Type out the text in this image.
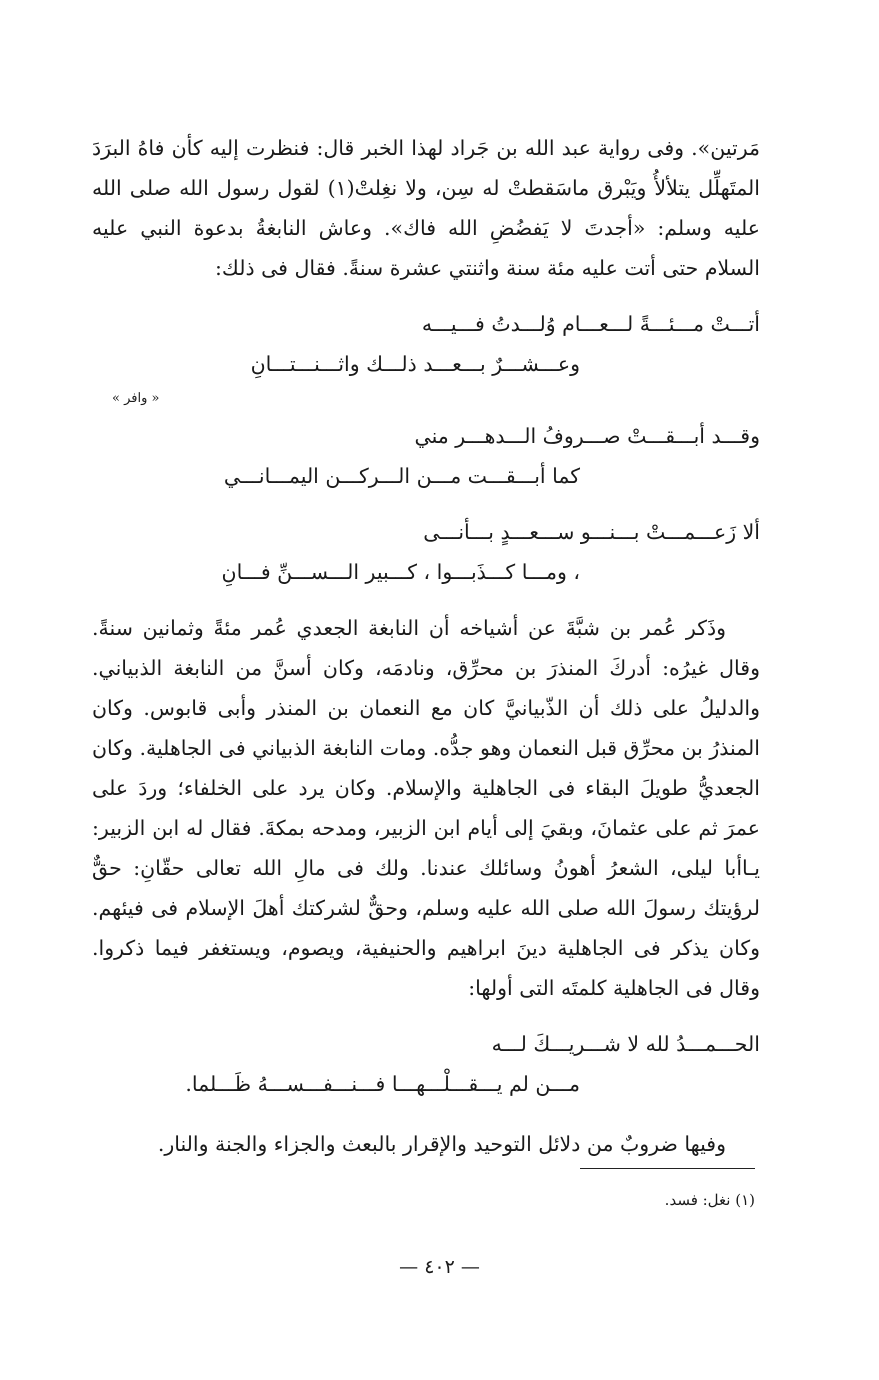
مَرتين». وفى رواية عبد الله بن جَراد لهذا الخبر قال: فنظرت إليه كأن فاهُ البرَدَ المتَهلِّل يتلألأُ ويَبْرق ماسَقطتْ له سِن، ولا نغِلتْ(١) لقول رسول الله صلى الله عليه وسلم: «أجدتَ لا يَفضُضِ الله فاك». وعاش النابغةُ بدعوة النبي عليه السلام حتى أتت عليه مئة سنة واثنتي عشرة سنةً. فقال فى ذلك:

أتـــتْ مـــئـــةً لـــعـــام وُلـــدتُ فـــيـــه
وعـــشـــرٌ بـــعـــد ذلـــك واثـــنـــتـــانِ
« وافر »
وقـــد أبـــقـــتْ صـــروفُ الـــدهـــر مني
كما أبـــقـــت مـــن الـــركـــن اليمـــانـــي
ألا زَعـــمـــتْ بـــنـــو ســـعـــدٍ بـــأنـــى
، ومـــا كـــذَبـــوا ، كـــبير الـــســـنِّ فـــانِ

وذَكر عُمر بن شبَّةَ عن أشياخه أن النابغة الجعدي عُمر مئةً وثمانين سنةً. وقال غيرُه: أدركَ المنذرَ بن محرِّق، ونادمَه، وكان أسنَّ من النابغة الذبياني. والدليلُ على ذلك أن الذّبيانيَّ كان مع النعمان بن المنذر وأبى قابوس. وكان المنذرُ بن محرِّق قبل النعمان وهو جدُّه. ومات النابغة الذبياني فى الجاهلية. وكان الجعديُّ طويلَ البقاء فى الجاهلية والإسلام. وكان يرد على الخلفاء؛ وردَ على عمرَ ثم على عثمانَ، وبقيَ إلى أيام ابن الزبير، ومدحه بمكةَ. فقال له ابن الزبير: يـاأبا ليلى، الشعرُ أهونُ وسائلك عندنا. ولك فى مالِ الله تعالى حقّانِ: حقٌّ لرؤيتك رسولَ الله صلى الله عليه وسلم، وحقٌّ لشركتك أهلَ الإسلام فى فيئهم. وكان يذكر فى الجاهلية دينَ ابراهيم والحنيفية، ويصوم، ويستغفر فيما ذكروا. وقال فى الجاهلية كلمتَه التى أولها:

الحـــمـــدُ لله لا شـــريـــكَ لـــه
مـــن لم يـــقـــلْـــهـــا فـــنـــفـــســـهُ ظَـــلما.

وفيها ضروبٌ من دلائل التوحيد والإقرار بالبعث والجزاء والجنة والنار.

(١) نغل: فسد.
— ٤٠٢ —
